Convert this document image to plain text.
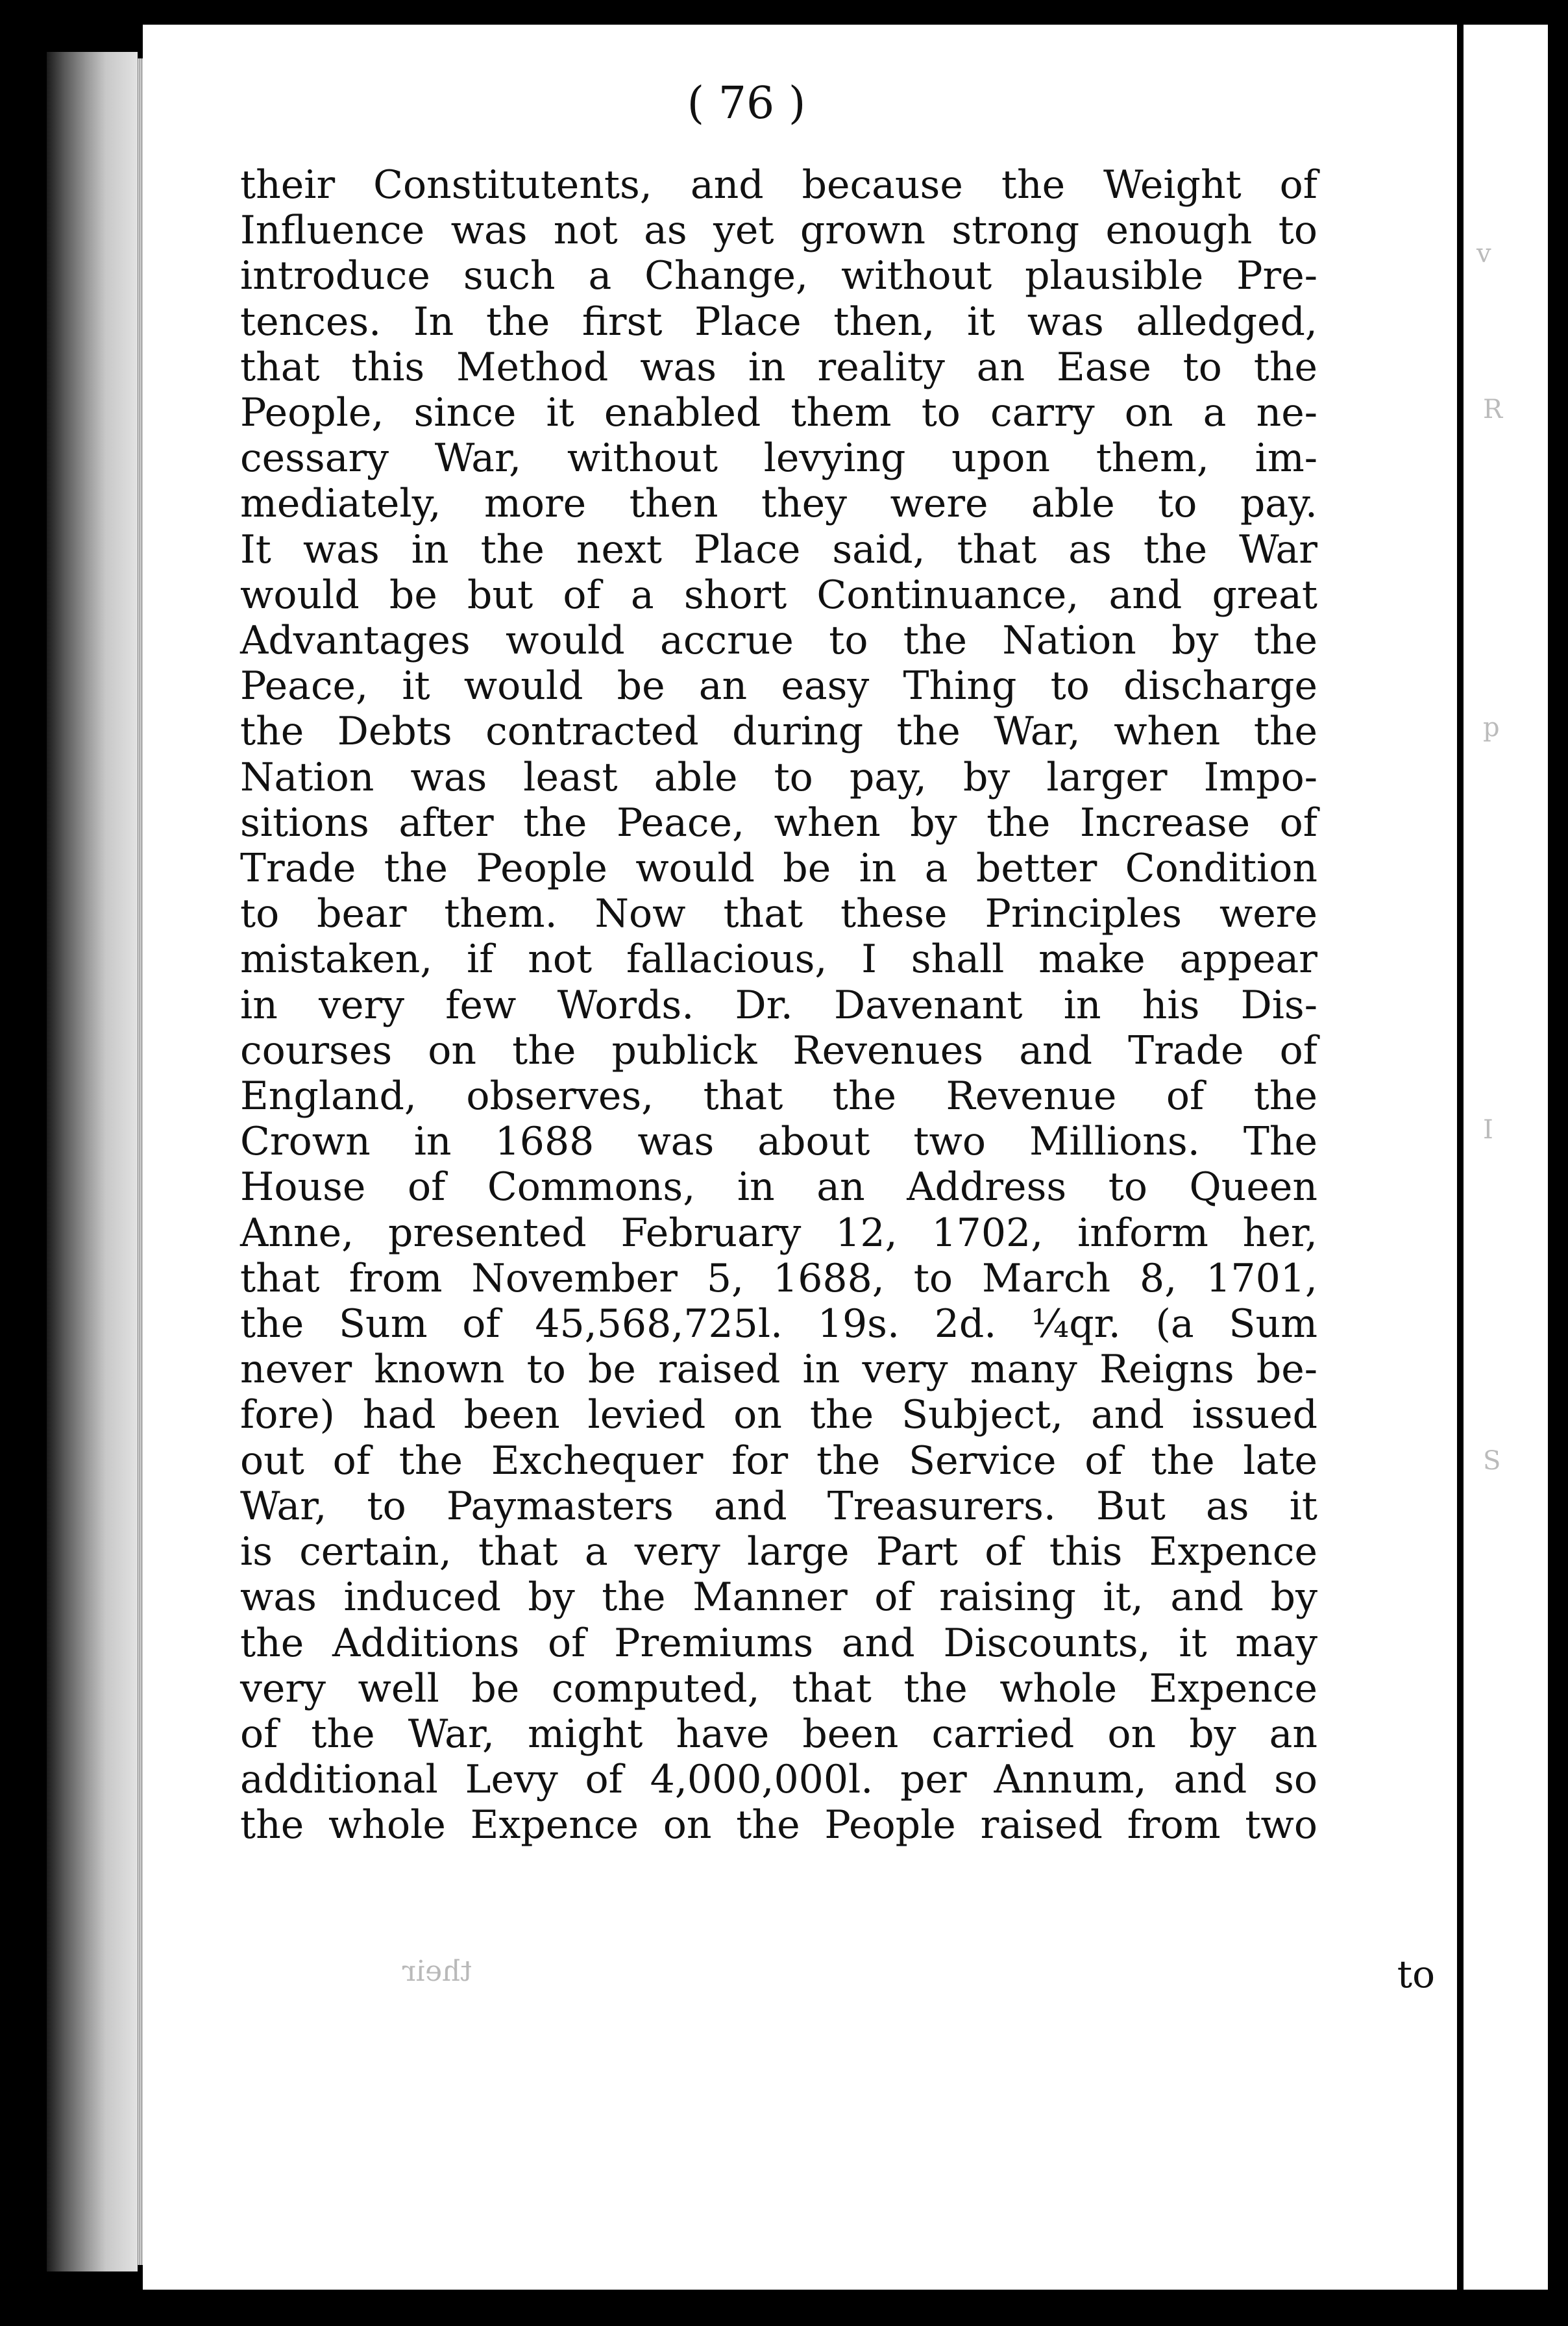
v
R
p
I
S
( 76 )
their Constitutents, and because the Weight of
Influence was not as yet grown strong enough to
introduce such a Change, without plausible Pre-
tences. In the first Place then, it was alledged,
that this Method was in reality an Ease to the
People, since it enabled them to carry on a ne-
cessary War, without levying upon them, im-
mediately, more then they were able to pay.
It was in the next Place said, that as the War
would be but of a short Continuance, and great
Advantages would accrue to the Nation by the
Peace, it would be an easy Thing to discharge
the Debts contracted during the War, when the
Nation was least able to pay, by larger Impo-
sitions after the Peace, when by the Increase of
Trade the People would be in a better Condition
to bear them. Now that these Principles were
mistaken, if not fallacious, I shall make appear
in very few Words. Dr. Davenant in his Dis-
courses on the publick Revenues and Trade of
England, observes, that the Revenue of the
Crown in 1688 was about two Millions. The
House of Commons, in an Address to Queen
Anne, presented February 12, 1702, inform her,
that from November 5, 1688, to March 8, 1701,
the Sum of 45,568,725l. 19s. 2d. ¼qr. (a Sum
never known to be raised in very many Reigns be-
fore) had been levied on the Subject, and issued
out of the Exchequer for the Service of the late
War, to Paymasters and Treasurers. But as it
is certain, that a very large Part of this Expence
was induced by the Manner of raising it, and by
the Additions of Premiums and Discounts, it may
very well be computed, that the whole Expence
of the War, might have been carried on by an
additional Levy of 4,000,000l. per Annum, and so
the whole Expence on the People raised from two
their	to
